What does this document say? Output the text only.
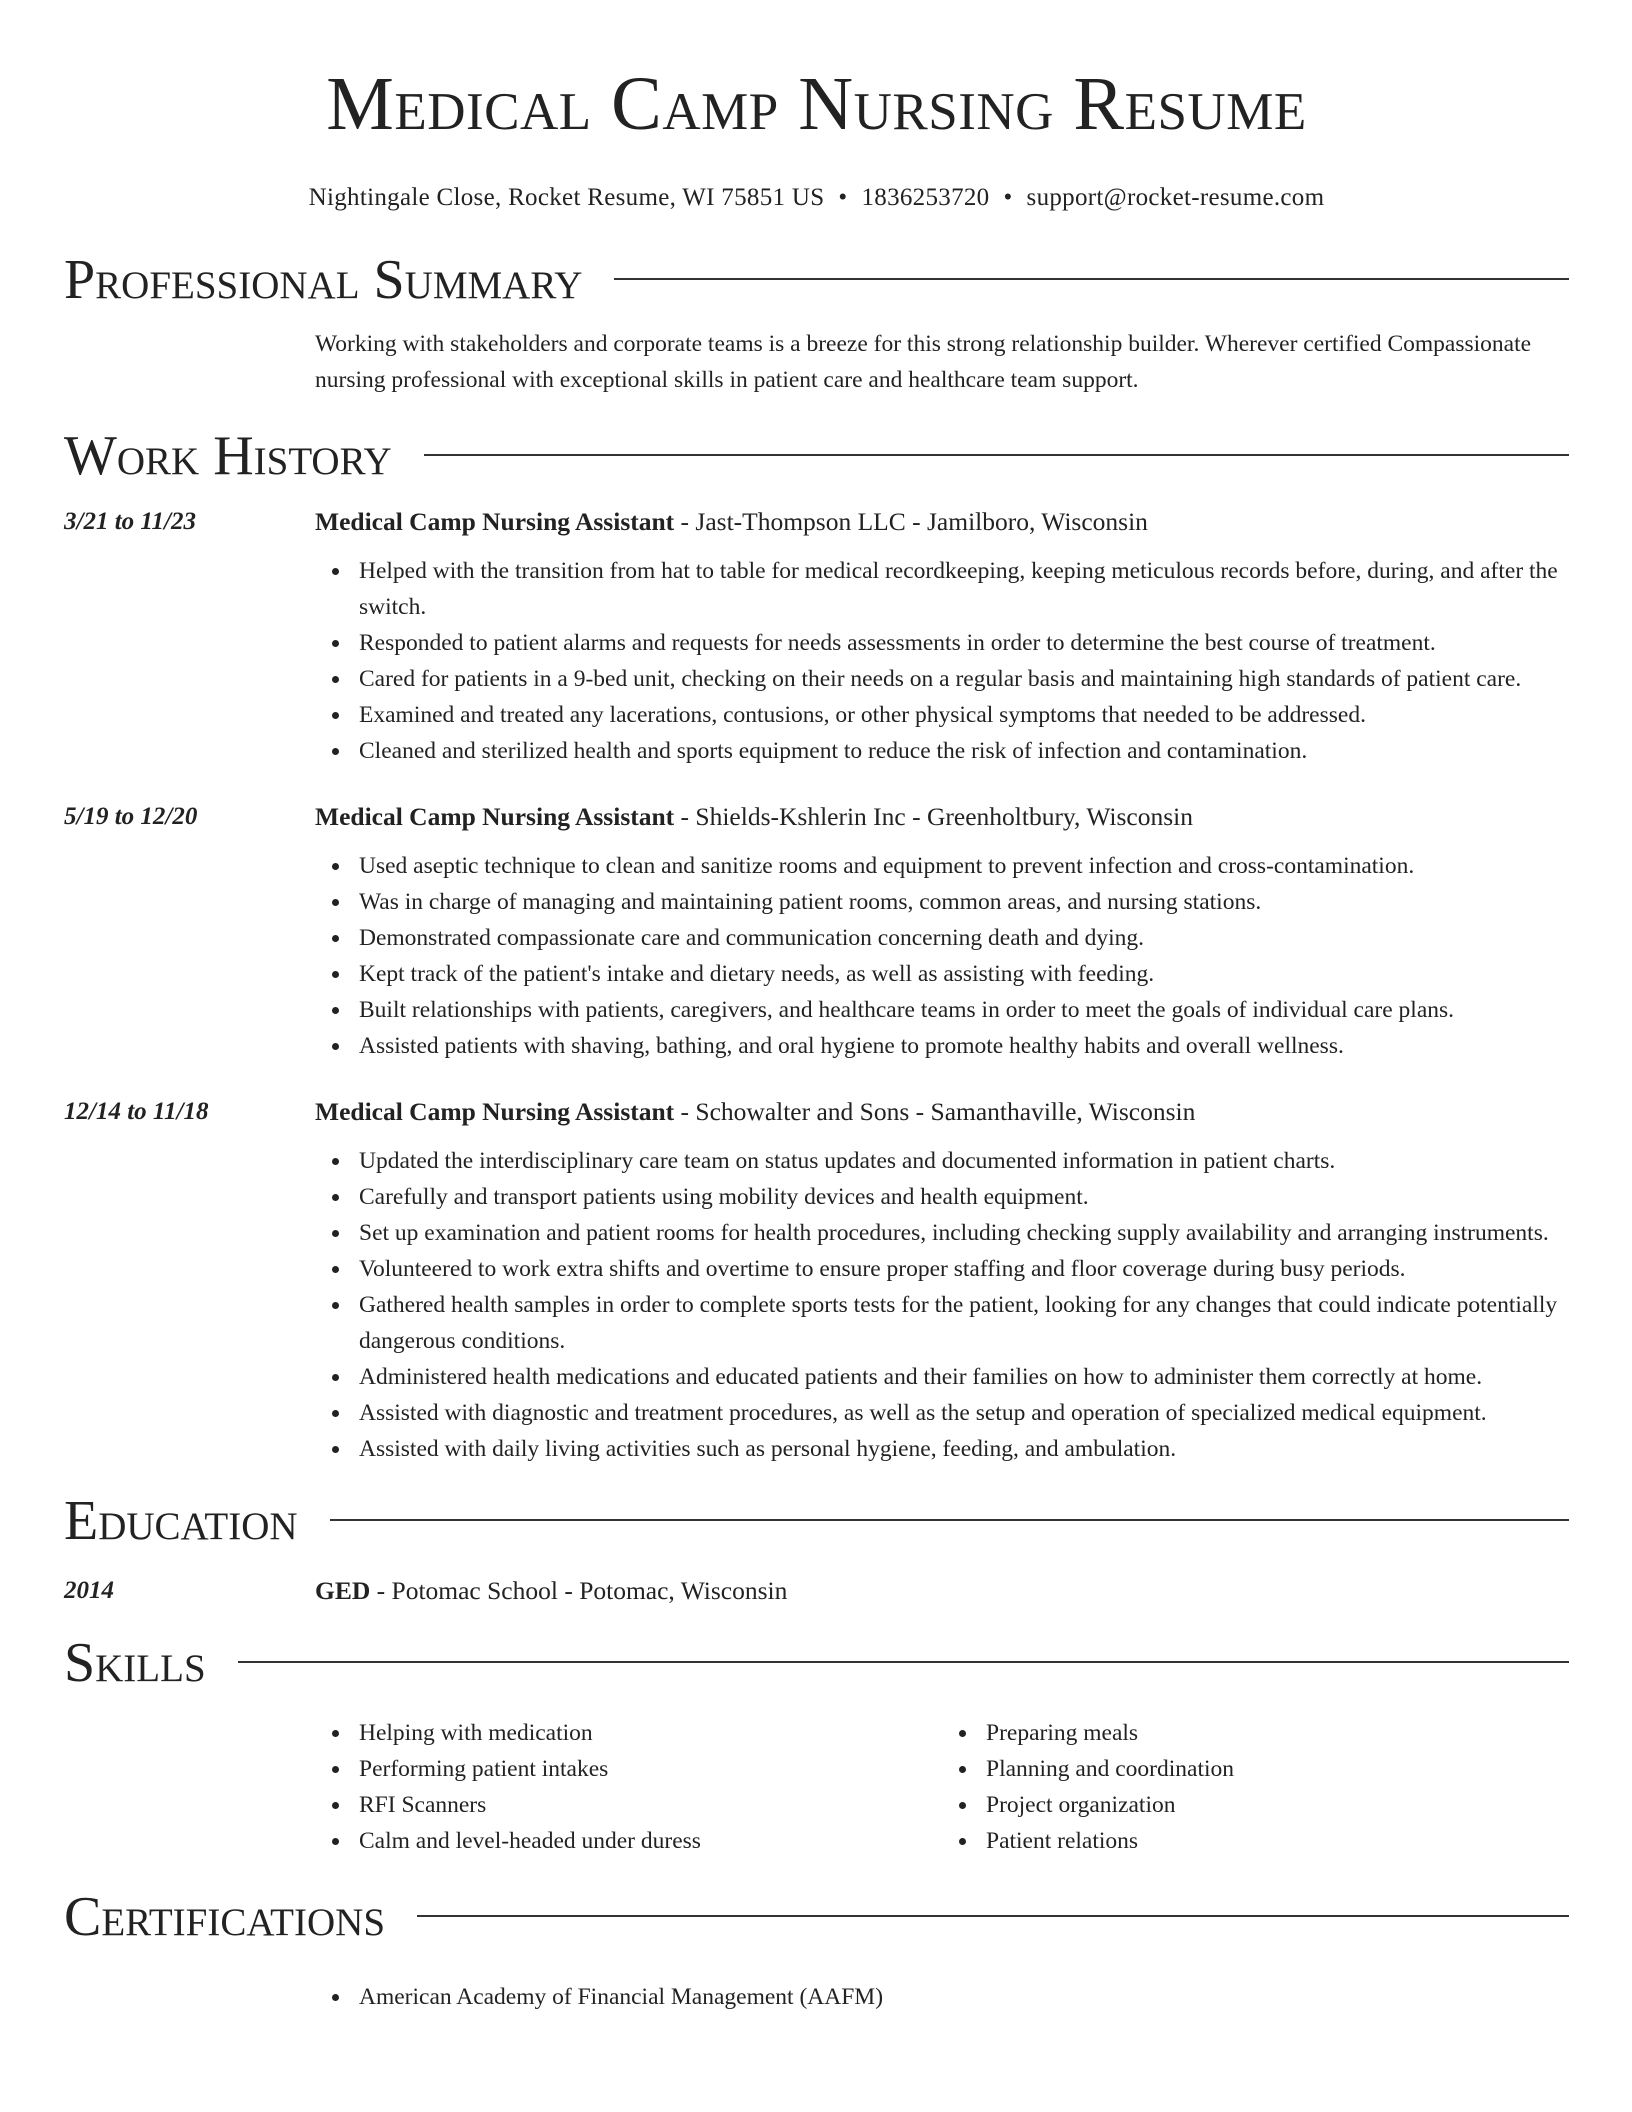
Medical Camp Nursing Resume
Nightingale Close, Rocket Resume, WI 75851 US • 1836253720 • support@rocket-resume.com
Professional Summary
Working with stakeholders and corporate teams is a breeze for this strong relationship builder. Wherever certified Compassionate nursing professional with exceptional skills in patient care and healthcare team support.
Work History
3/21 to 11/23	Medical Camp Nursing Assistant - Jast-Thompson LLC - Jamilboro, Wisconsin
Helped with the transition from hat to table for medical recordkeeping, keeping meticulous records before, during, and after the switch.
Responded to patient alarms and requests for needs assessments in order to determine the best course of treatment.
Cared for patients in a 9-bed unit, checking on their needs on a regular basis and maintaining high standards of patient care.
Examined and treated any lacerations, contusions, or other physical symptoms that needed to be addressed.
Cleaned and sterilized health and sports equipment to reduce the risk of infection and contamination.
5/19 to 12/20	Medical Camp Nursing Assistant - Shields-Kshlerin Inc - Greenholtbury, Wisconsin
Used aseptic technique to clean and sanitize rooms and equipment to prevent infection and cross-contamination.
Was in charge of managing and maintaining patient rooms, common areas, and nursing stations.
Demonstrated compassionate care and communication concerning death and dying.
Kept track of the patient's intake and dietary needs, as well as assisting with feeding.
Built relationships with patients, caregivers, and healthcare teams in order to meet the goals of individual care plans.
Assisted patients with shaving, bathing, and oral hygiene to promote healthy habits and overall wellness.
12/14 to 11/18	Medical Camp Nursing Assistant - Schowalter and Sons - Samanthaville, Wisconsin
Updated the interdisciplinary care team on status updates and documented information in patient charts.
Carefully and transport patients using mobility devices and health equipment.
Set up examination and patient rooms for health procedures, including checking supply availability and arranging instruments.
Volunteered to work extra shifts and overtime to ensure proper staffing and floor coverage during busy periods.
Gathered health samples in order to complete sports tests for the patient, looking for any changes that could indicate potentially dangerous conditions.
Administered health medications and educated patients and their families on how to administer them correctly at home.
Assisted with diagnostic and treatment procedures, as well as the setup and operation of specialized medical equipment.
Assisted with daily living activities such as personal hygiene, feeding, and ambulation.
Education
2014	GED - Potomac School - Potomac, Wisconsin
Skills
Helping with medication
Performing patient intakes
RFI Scanners
Calm and level-headed under duress
Preparing meals
Planning and coordination
Project organization
Patient relations
Certifications
American Academy of Financial Management (AAFM)
